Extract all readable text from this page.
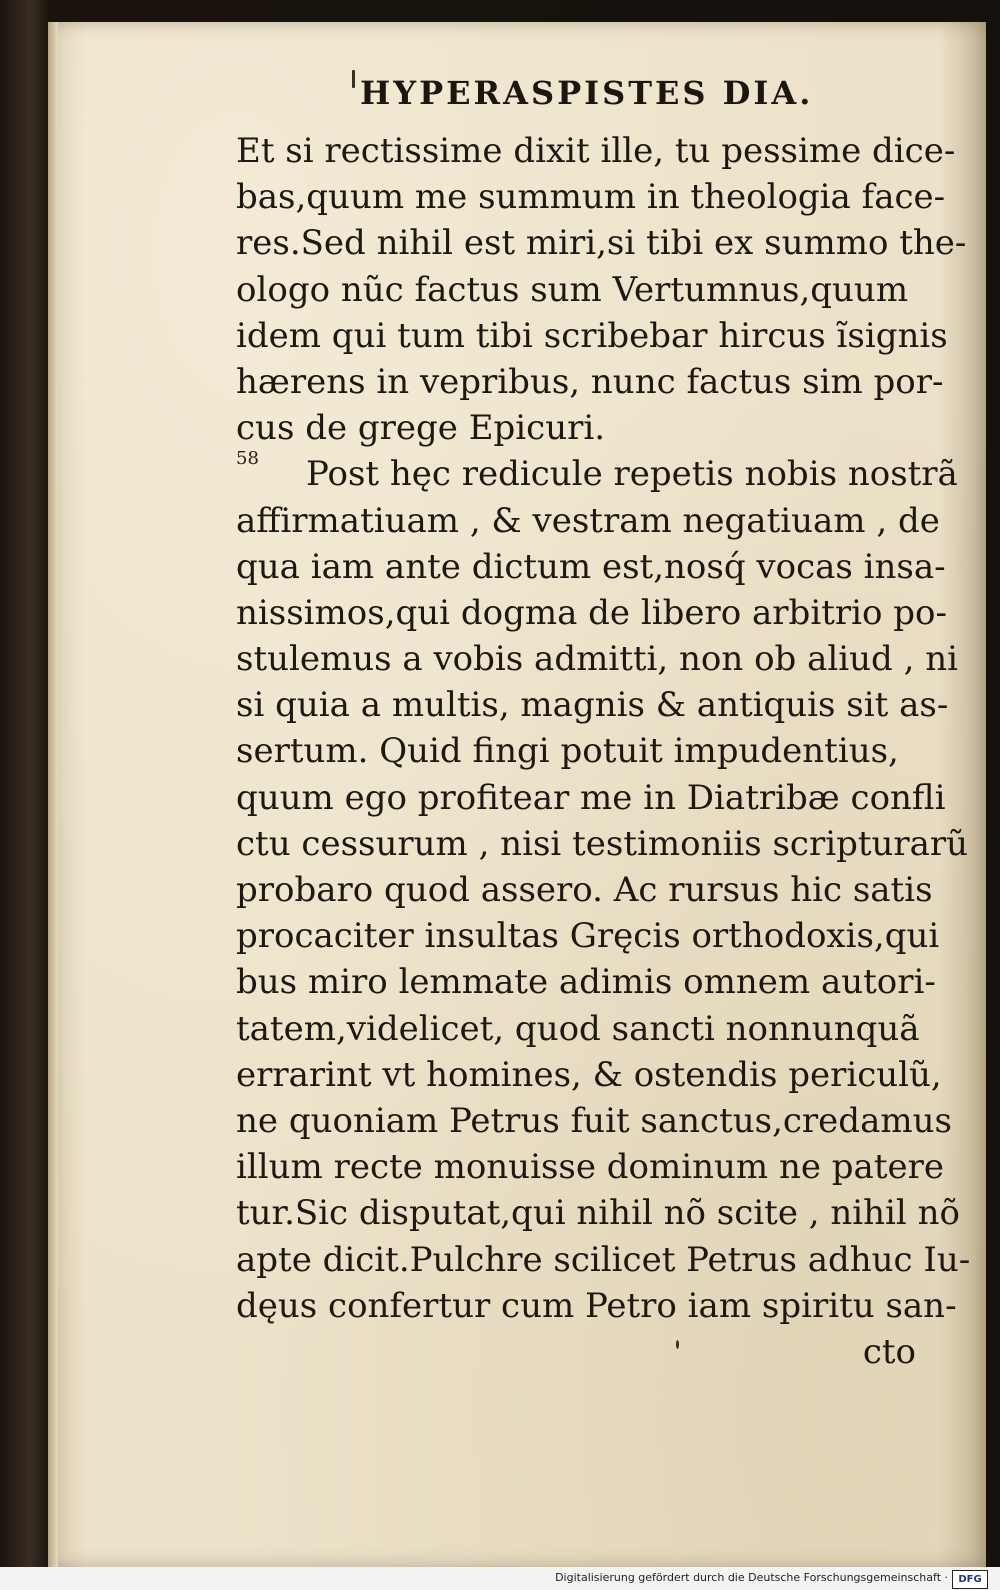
HYPERASPISTES DIA.
58
Et si rectissime dixit ille, tu pessime dice-
bas,quum me summum in theologia face-
res.Sed nihil est miri,si tibi ex summo the-
ologo nũc factus sum Vertumnus,quum
idem qui tum tibi scribebar hircus ĩsignis
hærens in vepribus, nunc factus sim por-
cus de grege Epicuri.
Post hęc redicule repetis nobis nostrã
affirmatiuam , & vestram negatiuam , de
qua iam ante dictum est,nosq́ vocas insa-
nissimos,qui dogma de libero arbitrio po-
stulemus a vobis admitti, non ob aliud , ni
si quia a multis, magnis & antiquis sit as-
sertum. Quid fingi potuit impudentius,
quum ego profitear me in Diatribæ confli
ctu cessurum , nisi testimoniis scripturarũ
probaro quod assero. Ac rursus hic satis
procaciter insultas Gręcis orthodoxis,qui
bus miro lemmate adimis omnem autori-
tatem,videlicet, quod sancti nonnunquã
errarint vt homines, & ostendis periculũ,
ne quoniam Petrus fuit sanctus,credamus
illum recte monuisse dominum ne patere
tur.Sic disputat,qui nihil nõ scite , nihil nõ
apte dicit.Pulchre scilicet Petrus adhuc Iu-
dęus confertur cum Petro iam spiritu san-
cto
Digitalisierung gefördert durch die Deutsche Forschungsgemeinschaft ·	DFG
